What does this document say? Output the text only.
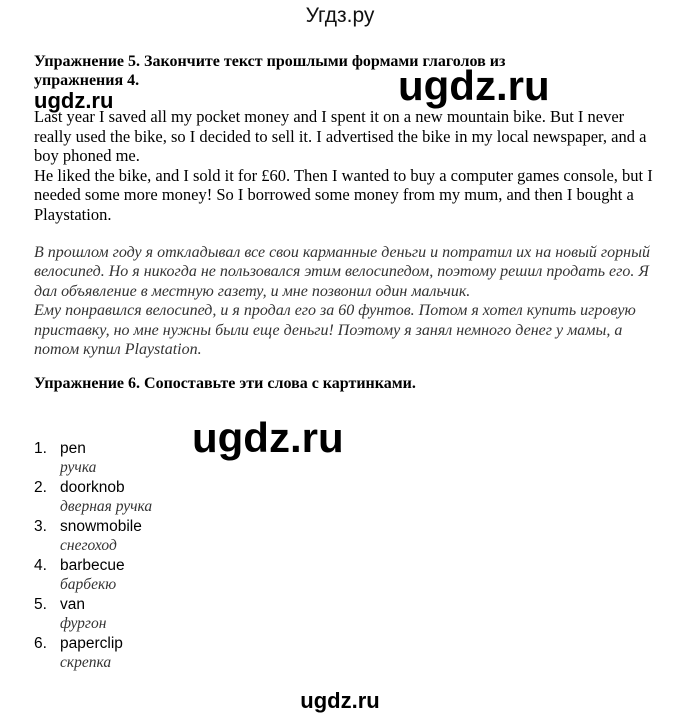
Угдз.ру
Упражнение 5. Закончите текст прошлыми формами глаголов из упражнения 4.

Last year I saved all my pocket money and I spent it on a new mountain bike. But I never really used the bike, so I decided to sell it. I advertised the bike in my local newspaper, and a boy phoned me.

He liked the bike, and I sold it for £60. Then I wanted to buy a computer games console, but I needed some more money! So I borrowed some money from my mum, and then I bought a Playstation.

В прошлом году я откладывал все свои карманные деньги и потратил их на новый горный велосипед. Но я никогда не пользовался этим велосипедом, поэтому решил продать его. Я дал объявление в местную газету, и мне позвонил один мальчик.

Ему понравился велосипед, и я продал его за 60 фунтов. Потом я хотел купить игровую приставку, но мне нужны были еще деньги! Поэтому я занял немного денег у мамы, а потом купил Playstation.

Упражнение 6. Сопоставьте эти слова с картинками.
1. pen
ручка
2. doorknob
дверная ручка
3. snowmobile
снегоход
4. barbecue
барбекю
5. van
фургон
6. paperclip
скрепка
ugdz.ru	ugdz.ru
ugdz.ru
ugdz.ru
